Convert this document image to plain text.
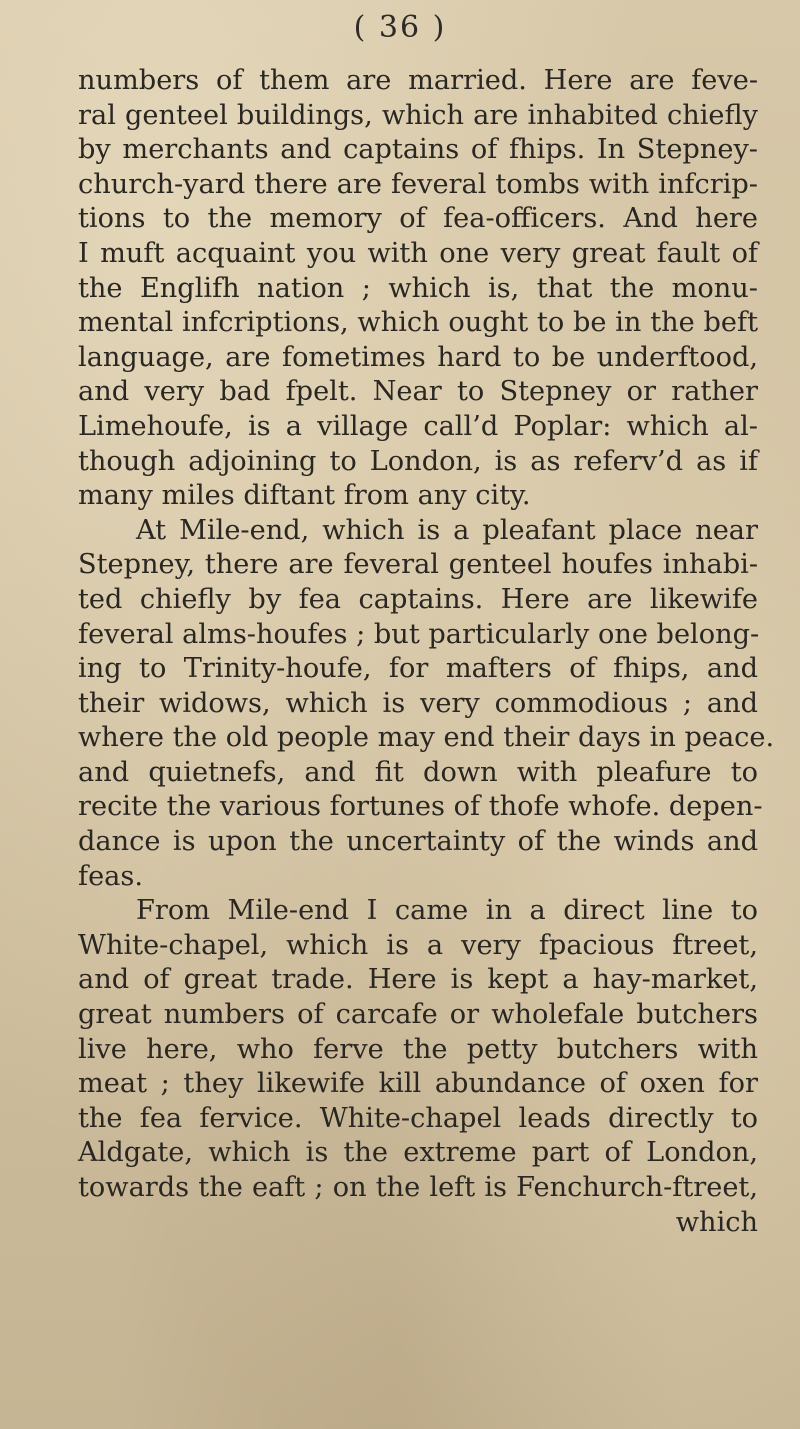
( 36 )
numbers of them are married. Here are feve-
ral genteel buildings, which are inhabited chiefly
by merchants and captains of fhips. In Stepney-
church-yard there are feveral tombs with infcrip-
tions to the memory of fea-officers. And here
I muft acquaint you with one very great fault of
the Englifh nation ; which is, that the monu-
mental infcriptions, which ought to be in the beft
language, are fometimes hard to be underftood,
and very bad fpelt. Near to Stepney or rather
Limehoufe, is a village call’d Poplar: which al-
though adjoining to London, is as referv’d as if
many miles diftant from any city.
At Mile-end, which is a pleafant place near
Stepney, there are feveral genteel houfes inhabi-
ted chiefly by fea captains. Here are likewife
feveral alms-houfes ; but particularly one belong-
ing to Trinity-houfe, for mafters of fhips, and
their widows, which is very commodious ; and
where the old people may end their days in peace.
and quietnefs, and fit down with pleafure to
recite the various fortunes of thofe whofe. depen-
dance is upon the uncertainty of the winds and
feas.
From Mile-end I came in a direct line to
White-chapel, which is a very fpacious ftreet,
and of great trade. Here is kept a hay-market,
great numbers of carcafe or wholefale butchers
live here, who ferve the petty butchers with
meat ; they likewife kill abundance of oxen for
the fea fervice. White-chapel leads directly to
Aldgate, which is the extreme part of London,
towards the eaft ; on the left is Fenchurch-ftreet,
which
